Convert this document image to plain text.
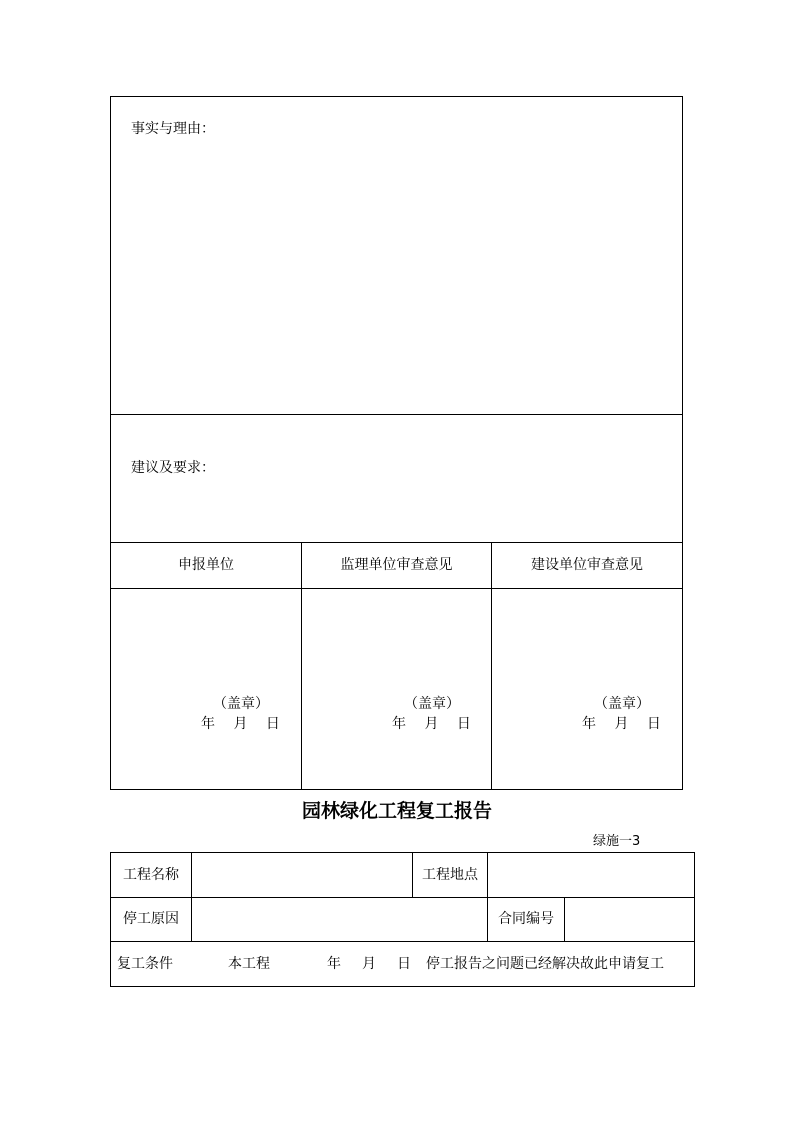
事实与理由：
建议及要求：
申报单位	监理单位审查意见	建设单位审查意见
（盖章）
年　 月　 日
（盖章）
年　 月　 日
（盖章）
年　 月　 日
园林绿化工程复工报告
绿施一3
工程名称	工程地点
停工原因	合同编号
复工条件	本工程	年 月 日 停工报告之问题已经解决故此申请复工
